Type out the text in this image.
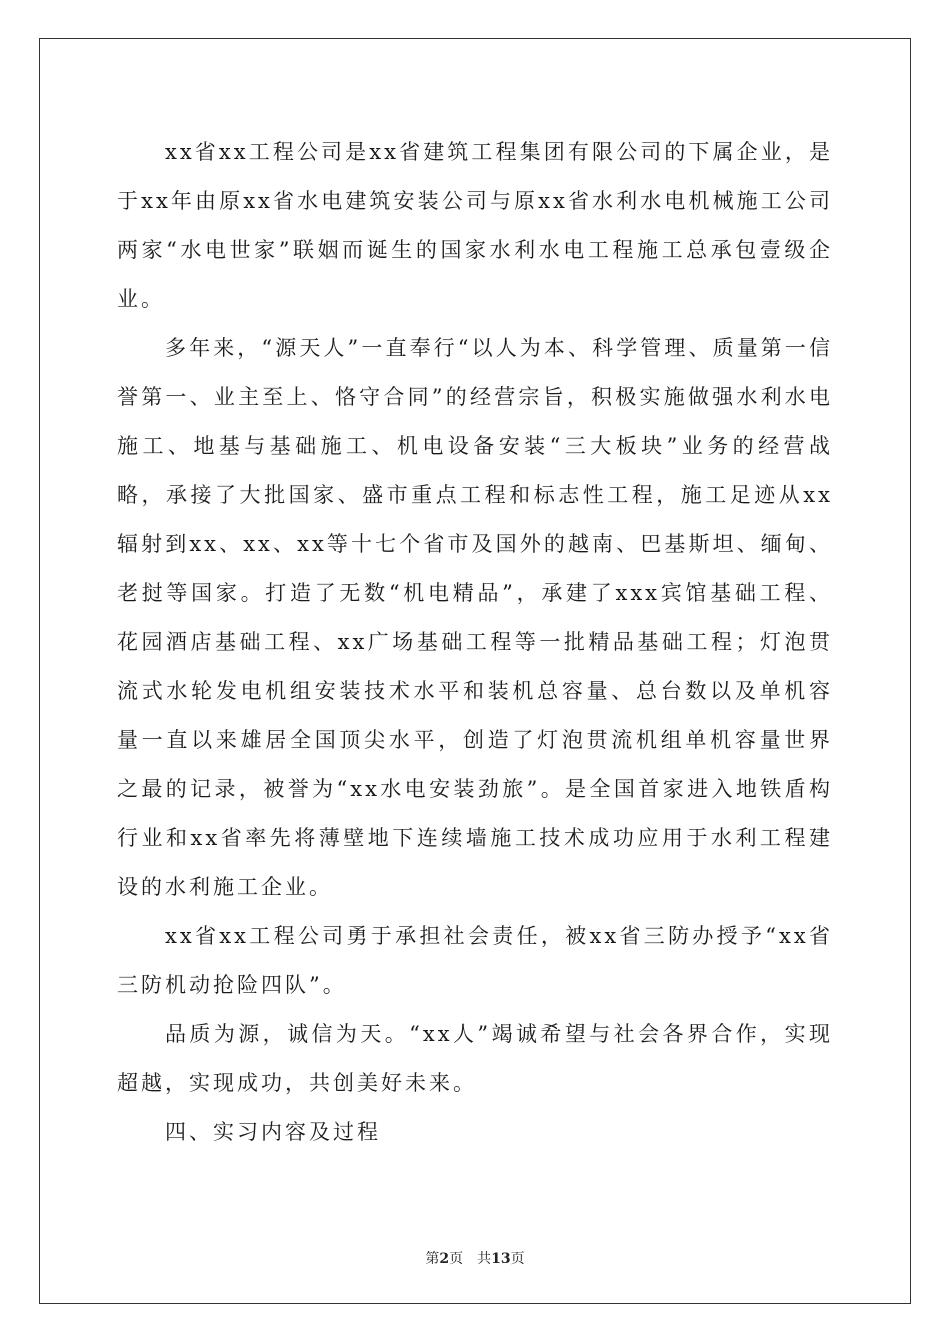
xx省xx工程公司是xx省建筑工程集团有限公司的下属企业，是于xx年由原xx省水电建筑安装公司与原xx省水利水电机械施工公司两家“水电世家”联姻而诞生的国家水利水电工程施工总承包壹级企业。

多年来，“源天人”一直奉行“以人为本、科学管理、质量第一信誉第一、业主至上、恪守合同”的经营宗旨，积极实施做强水利水电施工、地基与基础施工、机电设备安装“三大板块”业务的经营战略，承接了大批国家、盛市重点工程和标志性工程，施工足迹从xx辐射到xx、xx、xx等十七个省市及国外的越南、巴基斯坦、缅甸、老挝等国家。打造了无数“机电精品”，承建了xxx宾馆基础工程、花园酒店基础工程、xx广场基础工程等一批精品基础工程；灯泡贯流式水轮发电机组安装技术水平和装机总容量、总台数以及单机容量一直以来雄居全国顶尖水平，创造了灯泡贯流机组单机容量世界之最的记录，被誉为“xx水电安装劲旅”。是全国首家进入地铁盾构行业和xx省率先将薄壁地下连续墙施工技术成功应用于水利工程建设的水利施工企业。

xx省xx工程公司勇于承担社会责任，被xx省三防办授予“xx省三防机动抢险四队”。

品质为源，诚信为天。“xx人”竭诚希望与社会各界合作，实现超越，实现成功，共创美好未来。

四、实习内容及过程

第2页 共13页
